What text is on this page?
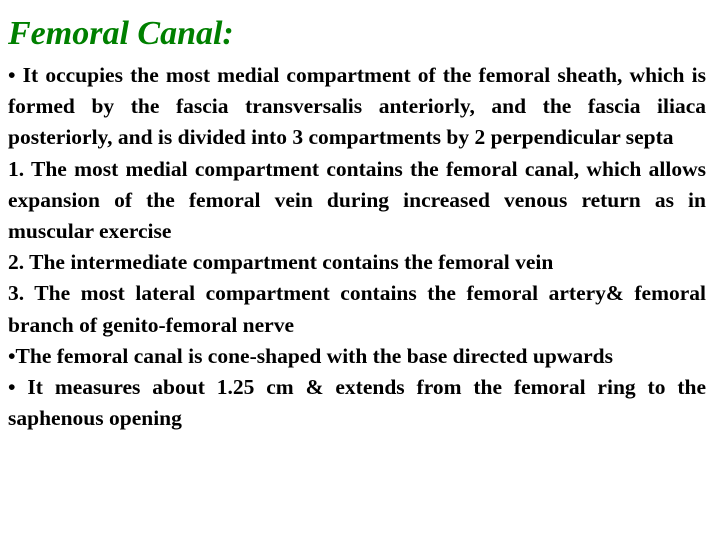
Femoral Canal:

• It occupies the most medial compartment of the femoral sheath, which is formed by the fascia transversalis anteriorly, and the fascia iliaca posteriorly, and is divided into 3 compartments by 2 perpendicular septa

1. The most medial compartment contains the femoral canal, which allows expansion of the femoral vein during increased venous return as in muscular exercise

2. The intermediate compartment contains the femoral vein

3. The most lateral compartment contains the femoral artery& femoral branch of genito-femoral nerve

•The femoral canal is cone-shaped with the base directed upwards

• It measures about 1.25 cm & extends from the femoral ring to the saphenous opening
